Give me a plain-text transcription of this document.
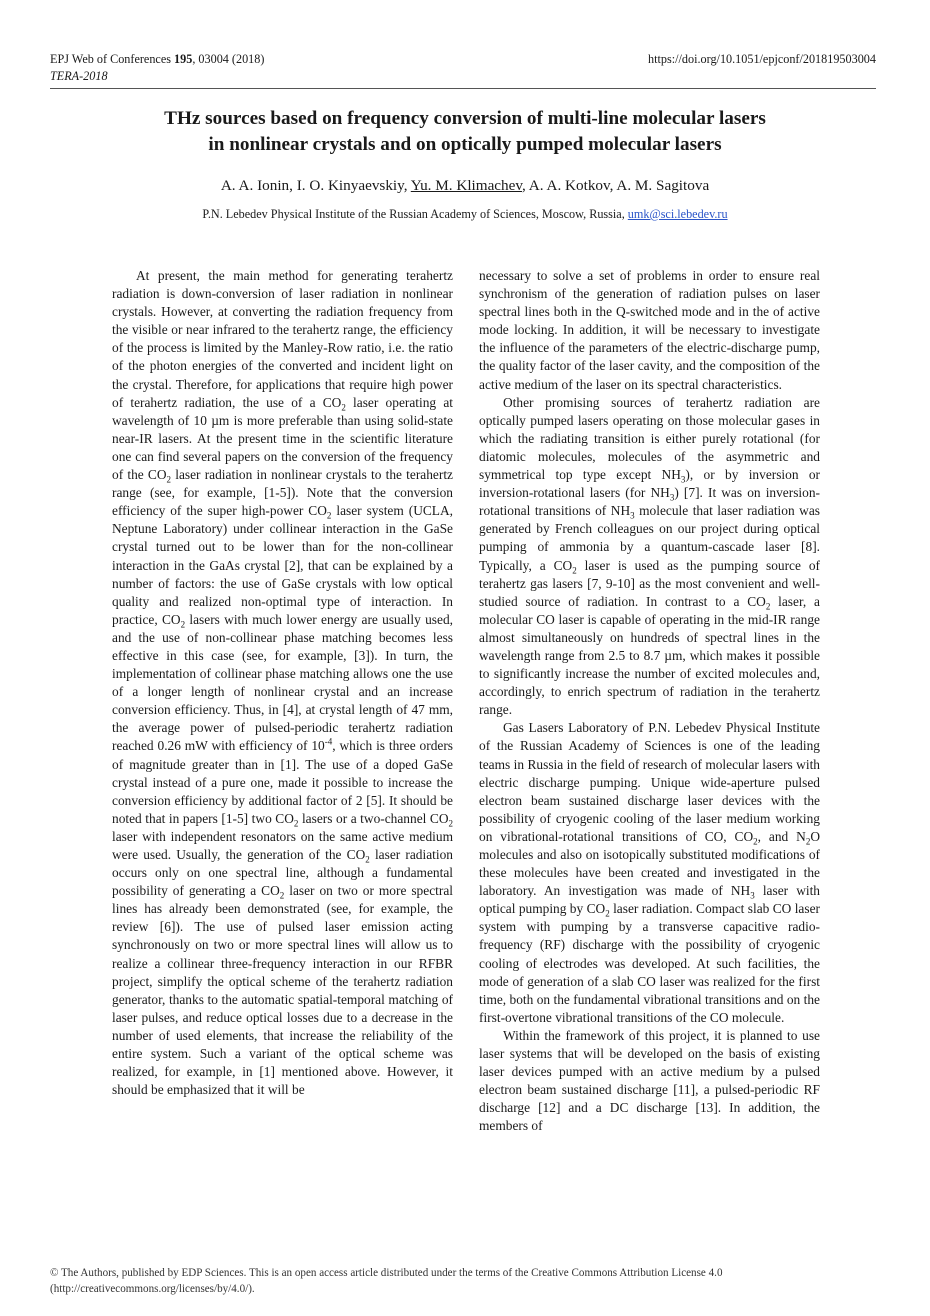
EPJ Web of Conferences 195, 03004 (2018)	https://doi.org/10.1051/epjconf/201819503004
TERA-2018
THz sources based on frequency conversion of multi-line molecular lasers
in nonlinear crystals and on optically pumped molecular lasers
A. A. Ionin, I. O. Kinyaevskiy, Yu. M. Klimachev, A. A. Kotkov, A. M. Sagitova
P.N. Lebedev Physical Institute of the Russian Academy of Sciences, Moscow, Russia, umk@sci.lebedev.ru

At present, the main method for generating terahertz radiation is down-conversion of laser radiation in nonlinear crystals. However, at converting the radiation frequency from the visible or near infrared to the terahertz range, the efficiency of the process is limited by the Manley-Row ratio, i.e. the ratio of the photon energies of the converted and incident light on the crystal. Therefore, for applications that require high power of terahertz radiation, the use of a $CO_2$ laser operating at wavelength of 10 µm is more preferable than using solid-state near-IR lasers. At the present time in the scientific literature one can find several papers on the conversion of the frequency of the $CO_2$ laser radiation in nonlinear crystals to the terahertz range (see, for example, [1-5]). Note that the conversion efficiency of the super high-power $CO_2$ laser system (UCLA, Neptune Laboratory) under collinear interaction in the GaSe crystal turned out to be lower than for the non-collinear interaction in the GaAs crystal [2], that can be explained by a number of factors: the use of GaSe crystals with low optical quality and realized non-optimal type of interaction. In practice, $CO_2$ lasers with much lower energy are usually used, and the use of non-collinear phase matching becomes less effective in this case (see, for example, [3]). In turn, the implementation of collinear phase matching allows one the use of a longer length of nonlinear crystal and an increase conversion efficiency. Thus, in [4], at crystal length of 47 mm, the average power of pulsed-periodic terahertz radiation reached 0.26 mW with efficiency of $10^{-4}$, which is three orders of magnitude greater than in [1]. The use of a doped GaSe crystal instead of a pure one, made it possible to increase the conversion efficiency by additional factor of 2 [5]. It should be noted that in papers [1-5] two $CO_2$ lasers or a two-channel $CO_2$ laser with independent resonators on the same active medium were used. Usually, the generation of the $CO_2$ laser radiation occurs only on one spectral line, although a fundamental possibility of generating a $CO_2$ laser on two or more spectral lines has already been demonstrated (see, for example, the review [6]). The use of pulsed laser emission acting synchronously on two or more spectral lines will allow us to realize a collinear three-frequency interaction in our RFBR project, simplify the optical scheme of the terahertz radiation generator, thanks to the automatic spatial-temporal matching of laser pulses, and reduce optical losses due to a decrease in the number of used elements, that increase the reliability of the entire system. Such a variant of the optical scheme was realized, for example, in [1] mentioned above. However, it should be emphasized that it will be

necessary to solve a set of problems in order to ensure real synchronism of the generation of radiation pulses on laser spectral lines both in the Q-switched mode and in the of active mode locking. In addition, it will be necessary to investigate the influence of the parameters of the electric-discharge pump, the quality factor of the laser cavity, and the composition of the active medium of the laser on its spectral characteristics.

Other promising sources of terahertz radiation are optically pumped lasers operating on those molecular gases in which the radiating transition is either purely rotational (for diatomic molecules, molecules of the asymmetric and symmetrical top type except $NH_3$), or by inversion or inversion-rotational lasers (for $NH_3$) [7]. It was on inversion-rotational transitions of $NH_3$ molecule that laser radiation was generated by French colleagues on our project during optical pumping of ammonia by a quantum-cascade laser [8]. Typically, a $CO_2$ laser is used as the pumping source of terahertz gas lasers [7, 9-10] as the most convenient and well-studied source of radiation. In contrast to a $CO_2$ laser, a molecular CO laser is capable of operating in the mid-IR range almost simultaneously on hundreds of spectral lines in the wavelength range from 2.5 to 8.7 µm, which makes it possible to significantly increase the number of excited molecules and, accordingly, to enrich spectrum of radiation in the terahertz range.

Gas Lasers Laboratory of P.N. Lebedev Physical Institute of the Russian Academy of Sciences is one of the leading teams in Russia in the field of research of molecular lasers with electric discharge pumping. Unique wide-aperture pulsed electron beam sustained discharge laser devices with the possibility of cryogenic cooling of the laser medium working on vibrational-rotational transitions of CO, $CO_2$, and $N_2O$ molecules and also on isotopically substituted modifications of these molecules have been created and investigated in the laboratory. An investigation was made of $NH_3$ laser with optical pumping by $CO_2$ laser radiation. Compact slab CO laser system with pumping by a transverse capacitive radio-frequency (RF) discharge with the possibility of cryogenic cooling of electrodes was developed. At such facilities, the mode of generation of a slab CO laser was realized for the first time, both on the fundamental vibrational transitions and on the first-overtone vibrational transitions of the CO molecule.

Within the framework of this project, it is planned to use laser systems that will be developed on the basis of existing laser devices pumped with an active medium by a pulsed electron beam sustained discharge [11], a pulsed-periodic RF discharge [12] and a DC discharge [13]. In addition, the members of

© The Authors, published by EDP Sciences. This is an open access article distributed under the terms of the Creative Commons Attribution License 4.0
(http://creativecommons.org/licenses/by/4.0/).
